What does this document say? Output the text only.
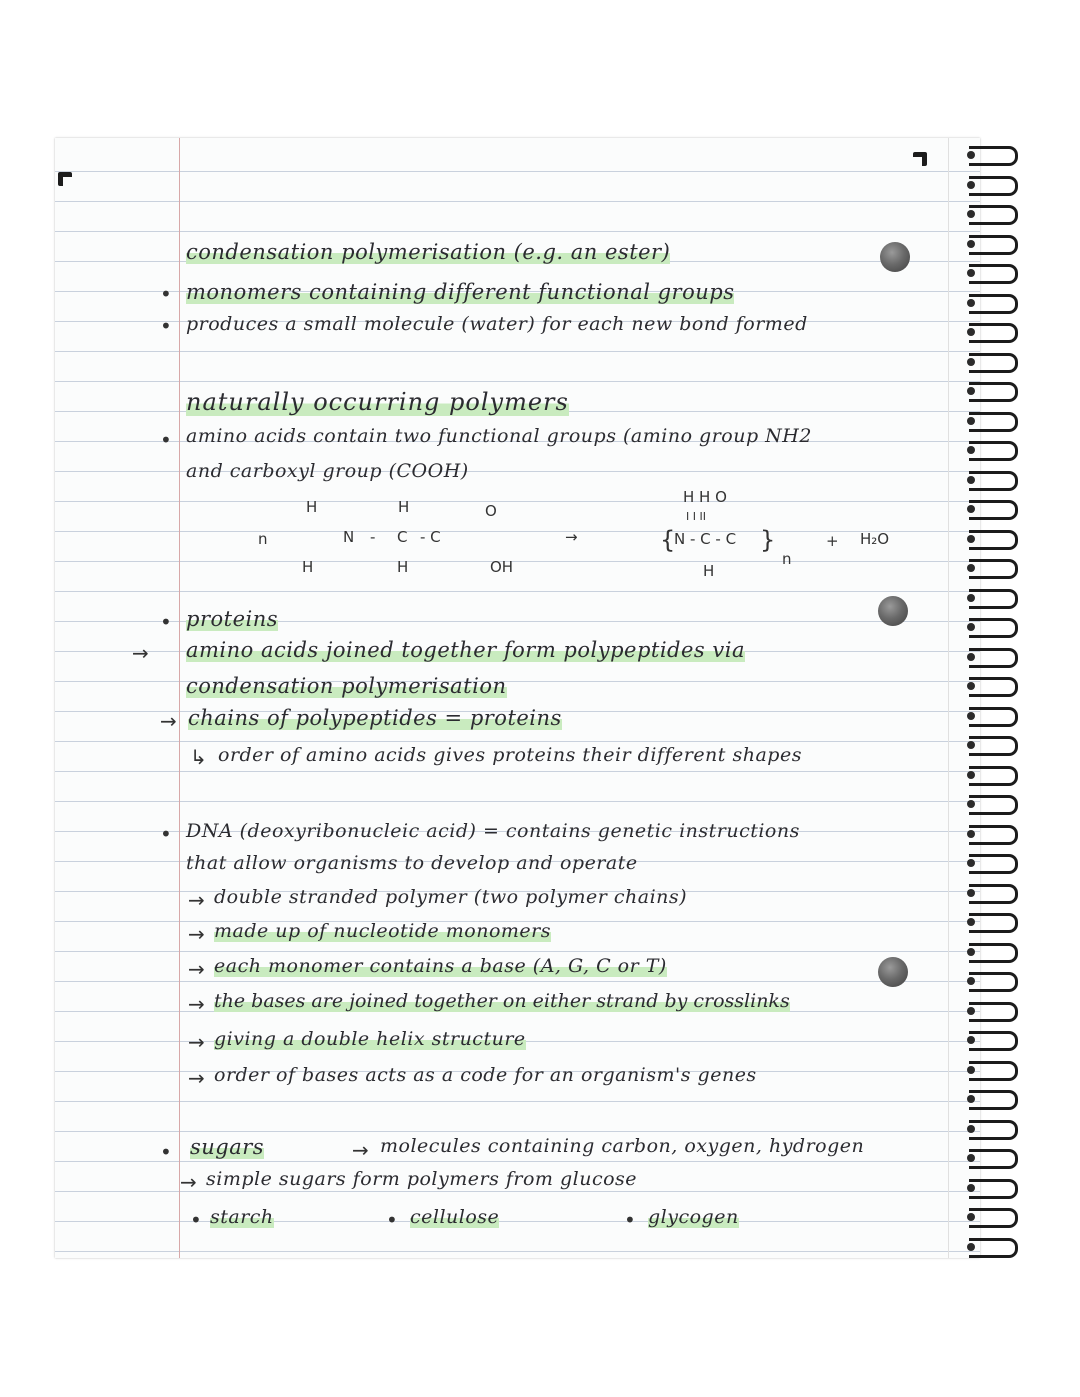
condensation polymerisation (e.g. an ester)
• monomers containing different functional groups
• produces a small molecule (water) for each new bond formed
naturally occurring polymers
• amino acids contain two functional groups (amino group NH2
and carboxyl group (COOH)
n
H	H	O
N - C - C
OH
H	H
→
H H O
I I II
{
N - C - C }
H
n
+ H₂O
• proteins
→ amino acids joined together form polypeptides via
condensation polymerisation
→ chains of polypeptides = proteins
↳ order of amino acids gives proteins their different shapes
• DNA (deoxyribonucleic acid) = contains genetic instructions
that allow organisms to develop and operate
→ double stranded polymer (two polymer chains)
→ made up of nucleotide monomers
→ each monomer contains a base (A, G, C or T)
→ the bases are joined together on either strand by crosslinks
→ giving a double helix structure
→ order of bases acts as a code for an organism's genes
• sugars	→ molecules containing carbon, oxygen, hydrogen
→ simple sugars form polymers from glucose
• starch	• cellulose	• glycogen
